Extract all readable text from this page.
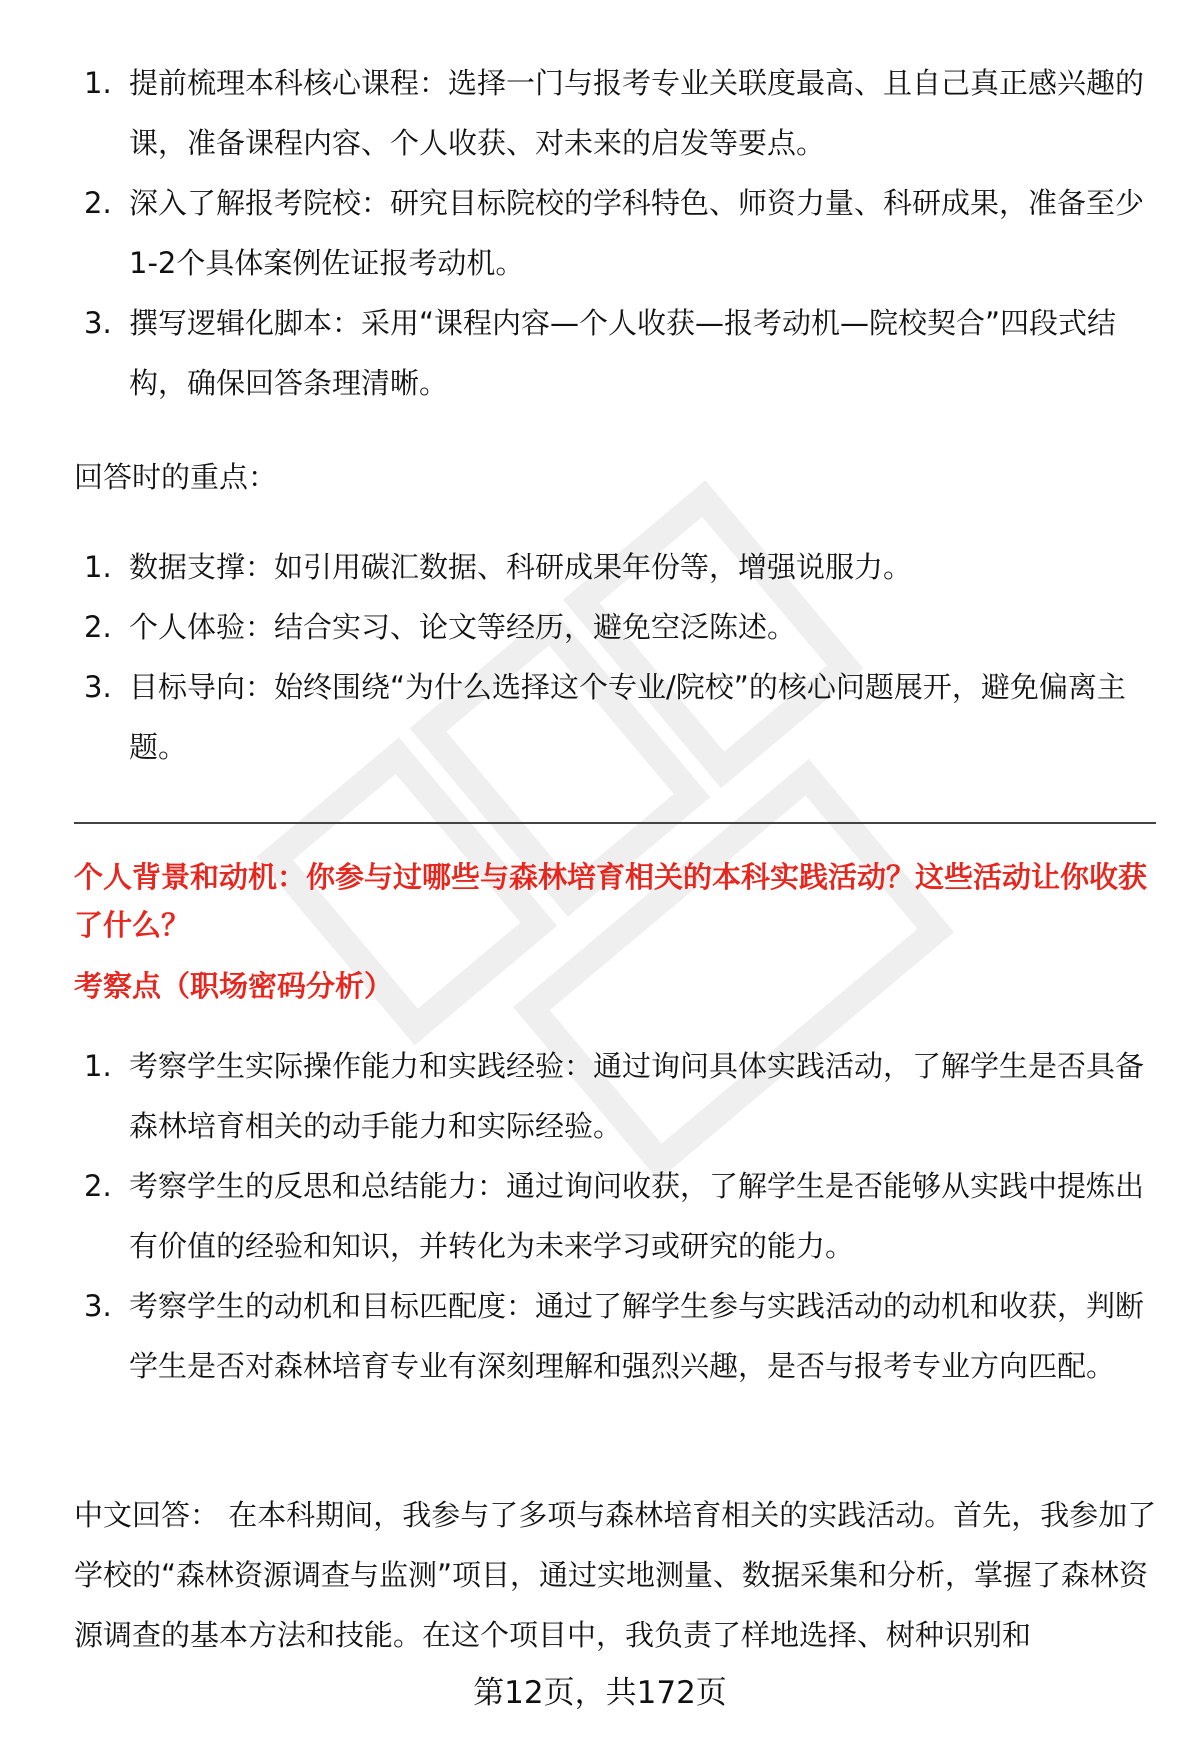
1. 提前梳理本科核心课程：选择一门与报考专业关联度最高、且自己真正感兴趣的课，准备课程内容、个人收获、对未来的启发等要点。
2. 深入了解报考院校：研究目标院校的学科特色、师资力量、科研成果，准备至少1-2个具体案例佐证报考动机。
3. 撰写逻辑化脚本：采用“课程内容—个人收获—报考动机—院校契合”四段式结构，确保回答条理清晰。

回答时的重点：

1. 数据支撑：如引用碳汇数据、科研成果年份等，增强说服力。
2. 个人体验：结合实习、论文等经历，避免空泛陈述。
3. 目标导向：始终围绕“为什么选择这个专业/院校”的核心问题展开，避免偏离主题。

个人背景和动机：你参与过哪些与森林培育相关的本科实践活动？这些活动让你收获了什么？

考察点（职场密码分析）

1. 考察学生实际操作能力和实践经验：通过询问具体实践活动，了解学生是否具备森林培育相关的动手能力和实际经验。
2. 考察学生的反思和总结能力：通过询问收获，了解学生是否能够从实践中提炼出有价值的经验和知识，并转化为未来学习或研究的能力。
3. 考察学生的动机和目标匹配度：通过了解学生参与实践活动的动机和收获，判断学生是否对森林培育专业有深刻理解和强烈兴趣，是否与报考专业方向匹配。

中文回答： 在本科期间，我参与了多项与森林培育相关的实践活动。首先，我参加了学校的“森林资源调查与监测”项目，通过实地测量、数据采集和分析，掌握了森林资源调查的基本方法和技能。在这个项目中，我负责了样地选择、树种识别和

第12页，共172页
